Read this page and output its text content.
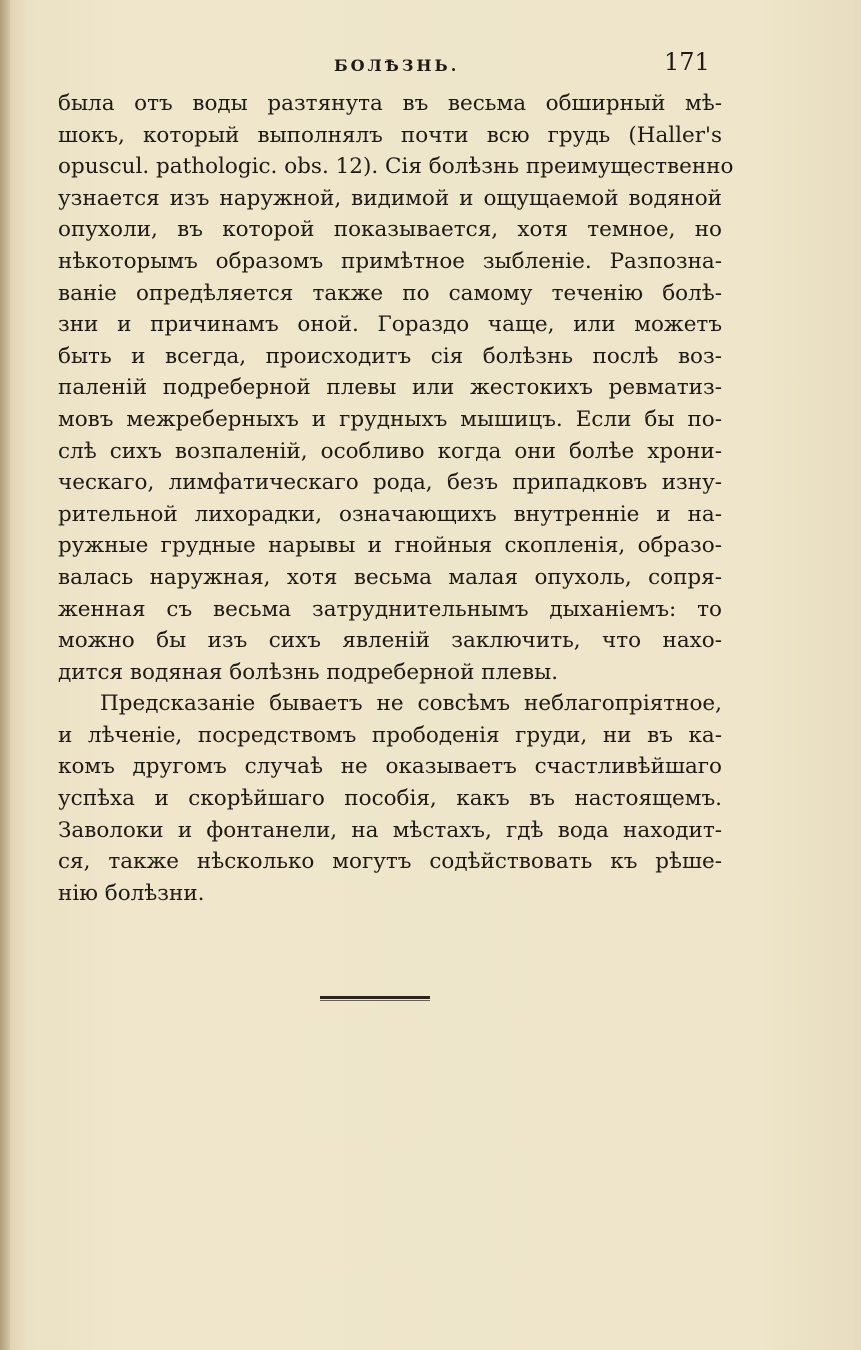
БОЛѢЗНЬ.	171
была отъ воды разтянута въ весьма обширный мѣ-
шокъ, который выполнялъ почти всю грудь (Haller's
opuscul. pathologic. obs. 12). Сія болѣзнь преимущественно
узнается изъ наружной, видимой и ощущаемой водяной
опухоли, въ которой показывается, хотя темное, но
нѣкоторымъ образомъ примѣтное зыбленіе. Разпозна-
ваніе опредѣляется также по самому теченію болѣ-
зни и причинамъ оной. Гораздо чаще, или можетъ
быть и всегда, происходитъ сія болѣзнь послѣ воз-
паленій подреберной плевы или жестокихъ ревматиз-
мовъ межреберныхъ и грудныхъ мышицъ. Если бы по-
слѣ сихъ возпаленій, особливо когда они болѣе хрони-
ческаго, лимфатическаго рода, безъ припадковъ изну-
рительной лихорадки, означающихъ внутренніе и на-
ружные грудные нарывы и гнойныя скопленія, образо-
валась наружная, хотя весьма малая опухоль, сопря-
женная съ весьма затруднительнымъ дыханіемъ: то
можно бы изъ сихъ явленій заключить, что нахо-
дится водяная болѣзнь подреберной плевы.
Предсказаніе бываетъ не совсѣмъ неблагопріятное,
и лѣченіе, посредствомъ прободенія груди, ни въ ка-
комъ другомъ случаѣ не оказываетъ счастливѣйшаго
успѣха и скорѣйшаго пособія, какъ въ настоящемъ.
Заволоки и фонтанели, на мѣстахъ, гдѣ вода находит-
ся, также нѣсколько могутъ содѣйствовать къ рѣше-
нію болѣзни.
